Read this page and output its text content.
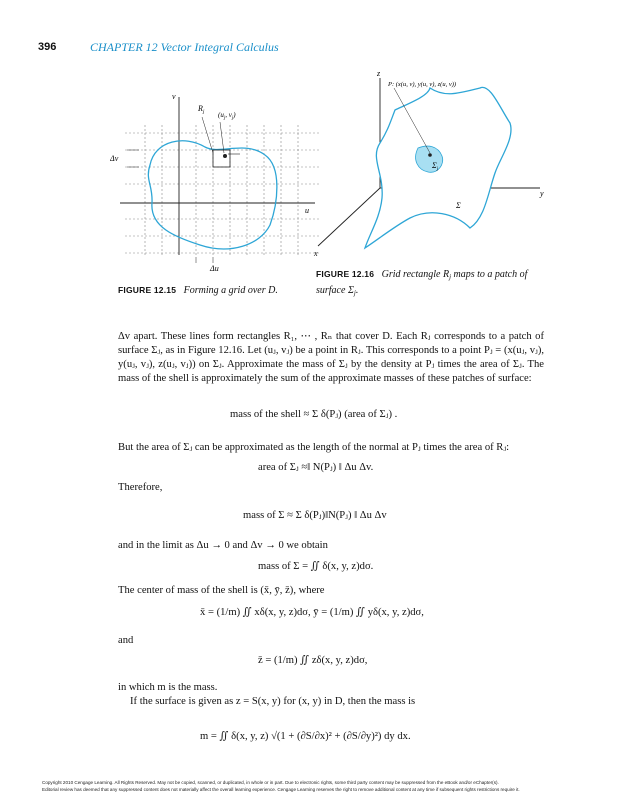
396	CHAPTER 12 Vector Integral Calculus
v
u
$R_j$ ($u_j$, $v_j$)
Δv
Δu
FIGURE 12.15 Forming a grid over D.
z
y
x
P: (x(u, v), y(u, v), z(u, v))
$\Sigma_j$
Σ
FIGURE 12.16 Grid rectangle $R_j$ maps to a patch of
surface $\Sigma_j$.
Δv apart. These lines form rectangles R₁, ⋯ , Rₙ that cover D. Each Rⱼ corresponds to a patch of surface Σⱼ, as in Figure 12.16. Let (uⱼ, vⱼ) be a point in Rⱼ. This corresponds to a point Pⱼ = (x(uⱼ, vⱼ), y(uⱼ, vⱼ), z(uⱼ, vⱼ)) on Σⱼ. Approximate the mass of Σⱼ by the density at Pⱼ times the area of Σⱼ. The mass of the shell is approximately the sum of the approximate masses of these patches of surface:
mass of the shell ≈ Σ δ(Pⱼ) (area of Σⱼ) .
But the area of Σⱼ can be approximated as the length of the normal at Pⱼ times the area of Rⱼ:
area of Σⱼ ≈‖ N(Pⱼ) ‖ Δu Δv.
Therefore,
mass of Σ ≈ Σ δ(Pⱼ)‖N(Pⱼ) ‖ Δu Δv
and in the limit as Δu → 0 and Δv → 0 we obtain
mass of Σ = ∬ δ(x, y, z)dσ.
The center of mass of the shell is (x̄, ȳ, z̄), where
x̄ = (1/m) ∬ xδ(x, y, z)dσ, ȳ = (1/m) ∬ yδ(x, y, z)dσ,
and
z̄ = (1/m) ∬ zδ(x, y, z)dσ,
in which m is the mass.
If the surface is given as z = S(x, y) for (x, y) in D, then the mass is
m = ∬ δ(x, y, z) √(1 + (∂S/∂x)² + (∂S/∂y)²) dy dx.
Copyright 2010 Cengage Learning. All Rights Reserved. May not be copied, scanned, or duplicated, in whole or in part. Due to electronic rights, some third party content may be suppressed from the eBook and/or eChapter(s).
Editorial review has deemed that any suppressed content does not materially affect the overall learning experience. Cengage Learning reserves the right to remove additional content at any time if subsequent rights restrictions require it.
